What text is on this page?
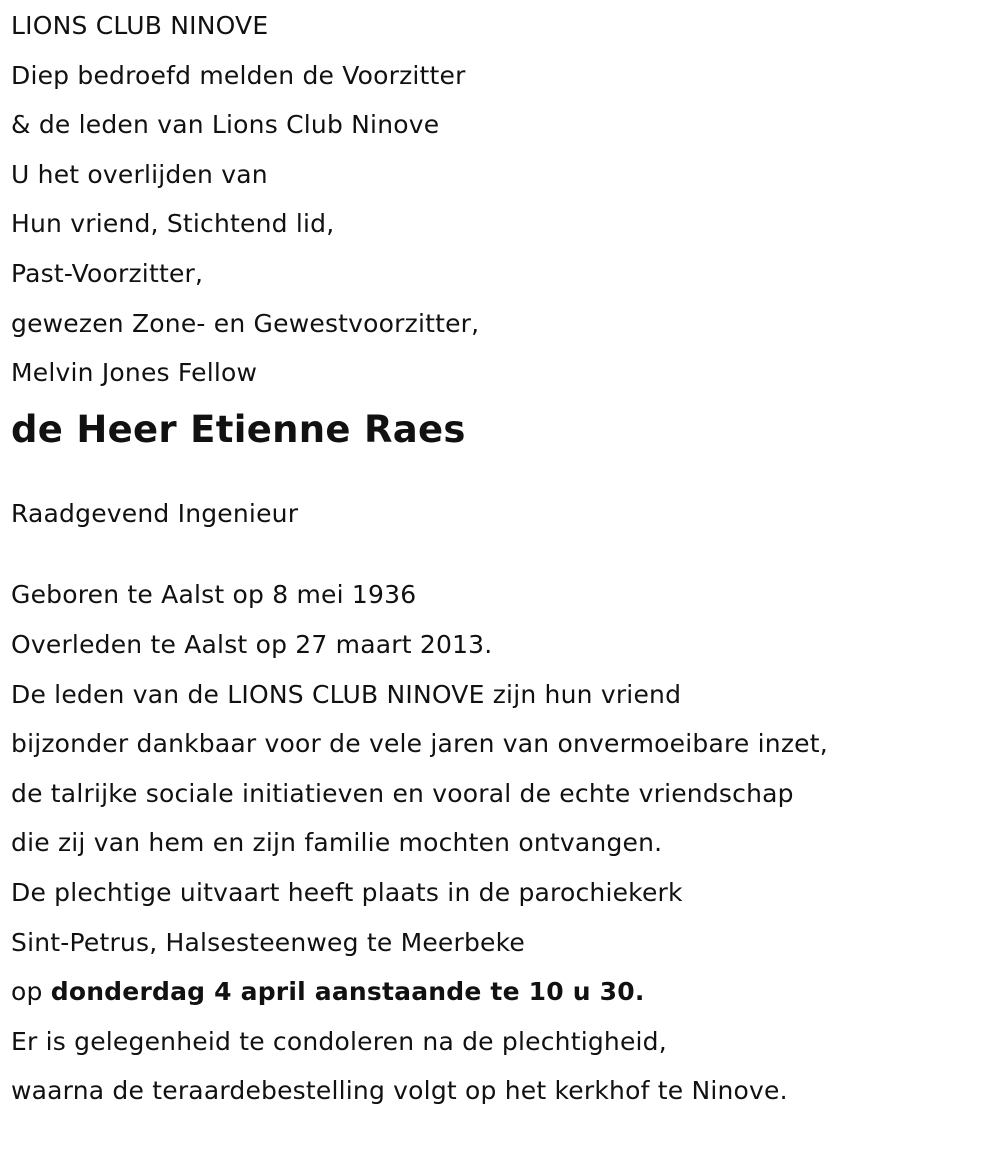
LIONS CLUB NINOVE
Diep bedroefd melden de Voorzitter
& de leden van Lions Club Ninove
U het overlijden van
Hun vriend, Stichtend lid,
Past-Voorzitter,
gewezen Zone- en Gewestvoorzitter,
Melvin Jones Fellow
de Heer Etienne Raes
Raadgevend Ingenieur
Geboren te Aalst op 8 mei 1936
Overleden te Aalst op 27 maart 2013.
De leden van de LIONS CLUB NINOVE zijn hun vriend
bijzonder dankbaar voor de vele jaren van onvermoeibare inzet,
de talrijke sociale initiatieven en vooral de echte vriendschap
die zij van hem en zijn familie mochten ontvangen.
De plechtige uitvaart heeft plaats in de parochiekerk
Sint-Petrus, Halsesteenweg te Meerbeke
op donderdag 4 april aanstaande te 10 u 30.
Er is gelegenheid te condoleren na de plechtigheid,
waarna de teraardebestelling volgt op het kerkhof te Ninove.
